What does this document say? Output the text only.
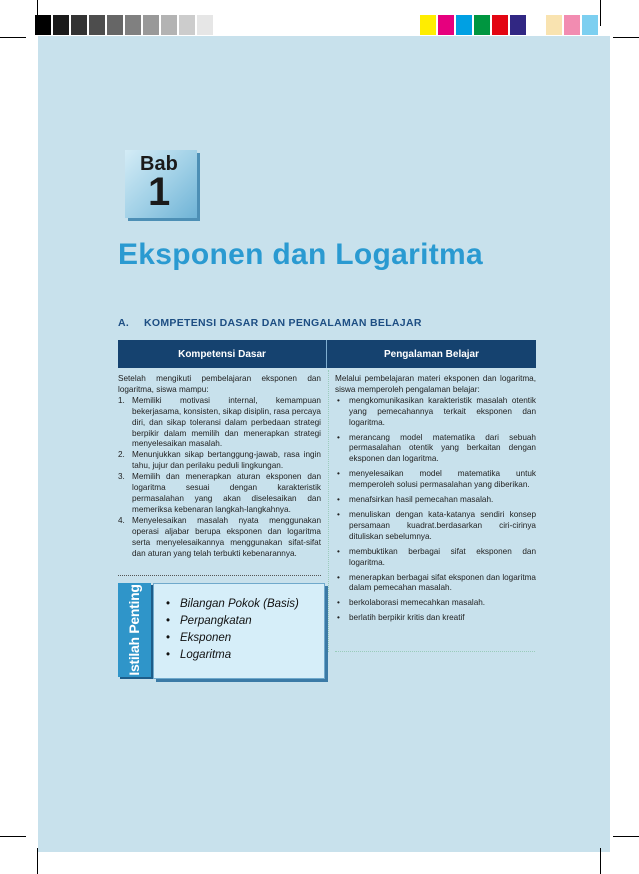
Bab
1
Eksponen dan Logaritma
A. KOMPETENSI DASAR DAN PENGALAMAN BELAJAR
Kompetensi Dasar	Pengalaman Belajar

Setelah mengikuti pembelajaran eksponen dan logaritma, siswa mampu:

1. Memiliki motivasi internal, kemampuan bekerjasama, konsisten, sikap disiplin, rasa percaya diri, dan sikap toleransi dalam perbedaan strategi berpikir dalam memilih dan menerapkan strategi menyelesaikan masalah.
2. Menunjukkan sikap bertanggung-jawab, rasa ingin tahu, jujur dan perilaku peduli lingkungan.
3. Memilih dan menerapkan aturan eksponen dan logaritma sesuai dengan karakteristik permasalahan yang akan diselesaikan dan memeriksa kebenaran langkah-langkahnya.
4. Menyelesaikan masalah nyata menggunakan operasi aljabar berupa eksponen dan logaritma serta menyelesaikannya menggunakan sifat-sifat dan aturan yang telah terbukti kebenarannya.

Melalui pembelajaran materi eksponen dan logaritma, siswa memperoleh pengalaman belajar:

• mengkomunikasikan karakteristik masalah otentik yang pemecahannya terkait eksponen dan logaritma.
• merancang model matematika dari sebuah permasalahan otentik yang berkaitan dengan eksponen dan logaritma.
• menyelesaikan model matematika untuk memperoleh solusi permasalahan yang diberikan.
• menafsirkan hasil pemecahan masalah.
• menuliskan dengan kata-katanya sendiri konsep persamaan kuadrat.berdasarkan ciri-cirinya dituliskan sebelumnya.
• membuktikan berbagai sifat eksponen dan logaritma.
• menerapkan berbagai sifat eksponen dan logaritma dalam pemecahan masalah.
• berkolaborasi memecahkan masalah.
• berlatih berpikir kritis dan kreatif
Istilah Penting • Bilangan Pokok (Basis)
• Perpangkatan
• Eksponen
• Logaritma
